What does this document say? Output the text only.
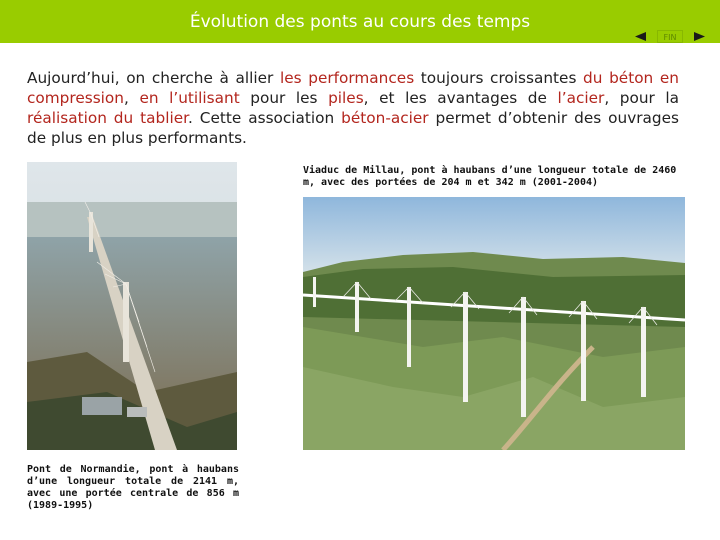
Évolution des ponts au cours des temps
FIN
Aujourd’hui, on cherche à allier les performances toujours croissantes du béton en compression, en l’utilisant pour les piles, et les avantages de l’acier, pour la réalisation du tablier. Cette association béton-acier permet d’obtenir des ouvrages de plus en plus performants.
Viaduc de Millau, pont à haubans d’une longueur totale de 2460 m, avec des portées de 204 m et 342 m (2001-2004)
Pont de Normandie, pont à haubans d’une longueur totale de 2141 m, avec une portée centrale de 856 m (1989-1995)
